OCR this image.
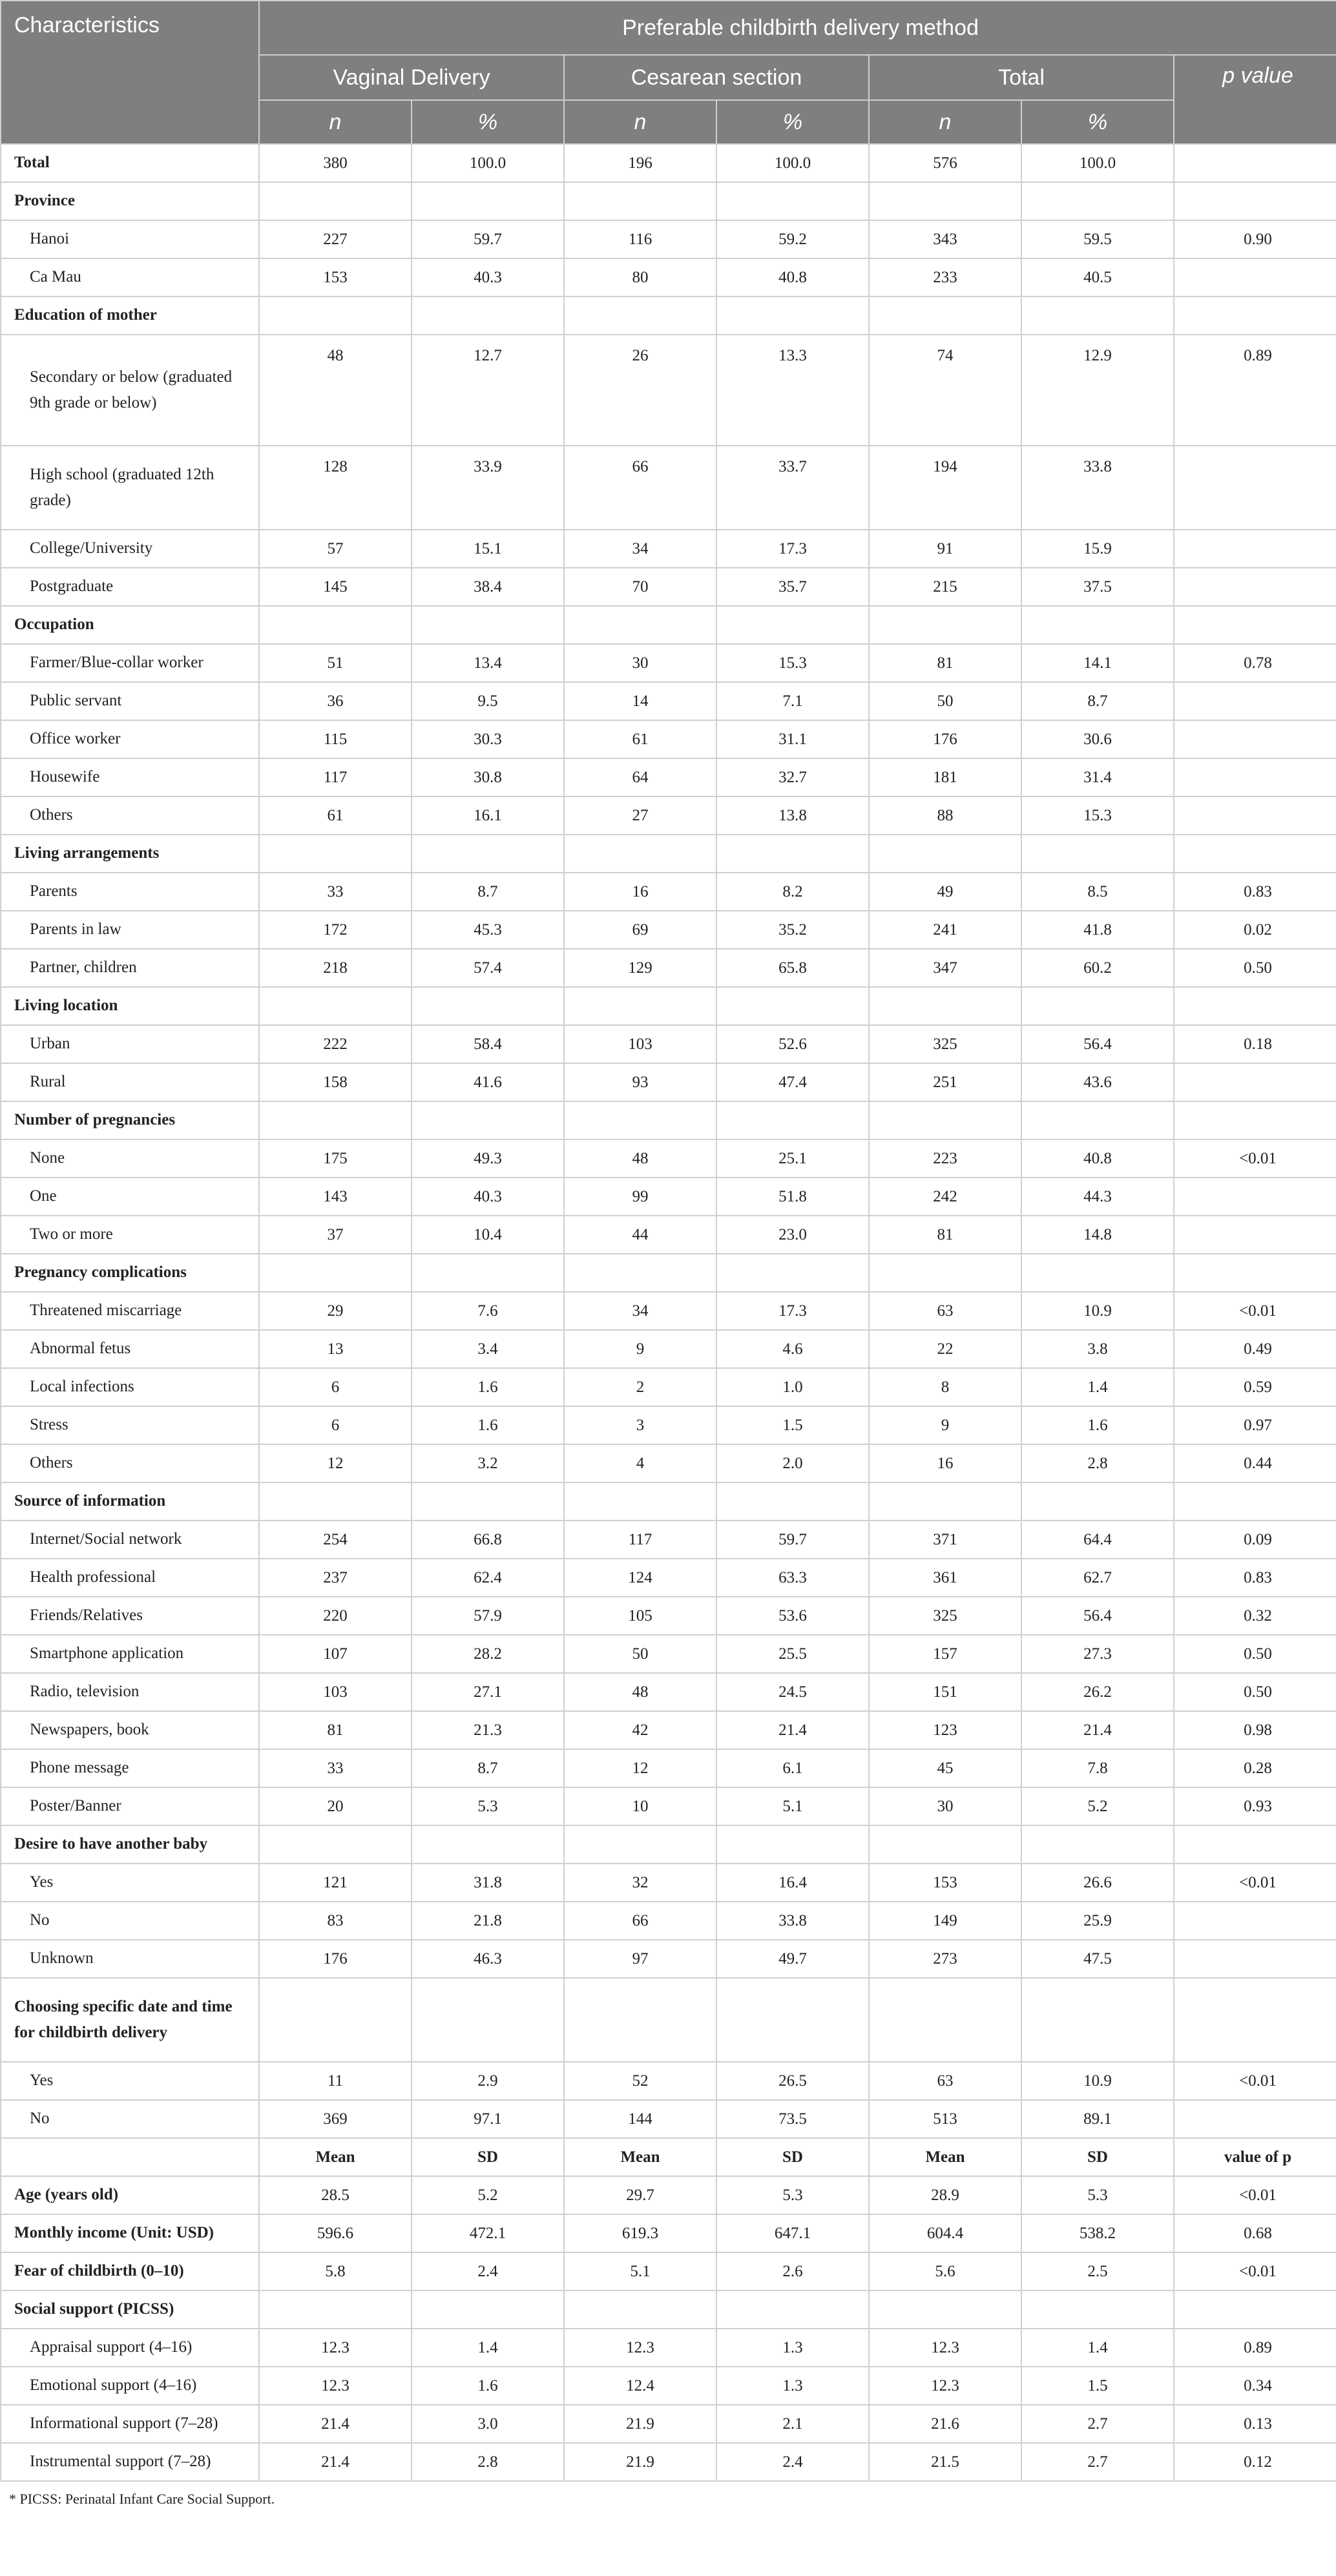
Characteristics	Preferable childbirth delivery method						
	Vaginal Delivery		Cesarean section		Total		p value
	n	%	n	%	n	%	
Total	380	100.0	196	100.0	576	100.0	
Province							
Hanoi	227	59.7	116	59.2	343	59.5	0.90
Ca Mau	153	40.3	80	40.8	233	40.5	
Education of mother							
Secondary or below (graduated 9th grade or below)	48	12.7	26	13.3	74	12.9	0.89
High school (graduated 12th grade)	128	33.9	66	33.7	194	33.8	
College/University	57	15.1	34	17.3	91	15.9	
Postgraduate	145	38.4	70	35.7	215	37.5	
Occupation							
Farmer/Blue-collar worker	51	13.4	30	15.3	81	14.1	0.78
Public servant	36	9.5	14	7.1	50	8.7	
Office worker	115	30.3	61	31.1	176	30.6	
Housewife	117	30.8	64	32.7	181	31.4	
Others	61	16.1	27	13.8	88	15.3	
Living arrangements							
Parents	33	8.7	16	8.2	49	8.5	0.83
Parents in law	172	45.3	69	35.2	241	41.8	0.02
Partner, children	218	57.4	129	65.8	347	60.2	0.50
Living location							
Urban	222	58.4	103	52.6	325	56.4	0.18
Rural	158	41.6	93	47.4	251	43.6	
Number of pregnancies							
None	175	49.3	48	25.1	223	40.8	<0.01
One	143	40.3	99	51.8	242	44.3	
Two or more	37	10.4	44	23.0	81	14.8	
Pregnancy complications							
Threatened miscarriage	29	7.6	34	17.3	63	10.9	<0.01
Abnormal fetus	13	3.4	9	4.6	22	3.8	0.49
Local infections	6	1.6	2	1.0	8	1.4	0.59
Stress	6	1.6	3	1.5	9	1.6	0.97
Others	12	3.2	4	2.0	16	2.8	0.44
Source of information							
Internet/Social network	254	66.8	117	59.7	371	64.4	0.09
Health professional	237	62.4	124	63.3	361	62.7	0.83
Friends/Relatives	220	57.9	105	53.6	325	56.4	0.32
Smartphone application	107	28.2	50	25.5	157	27.3	0.50
Radio, television	103	27.1	48	24.5	151	26.2	0.50
Newspapers, book	81	21.3	42	21.4	123	21.4	0.98
Phone message	33	8.7	12	6.1	45	7.8	0.28
Poster/Banner	20	5.3	10	5.1	30	5.2	0.93
Desire to have another baby							
Yes	121	31.8	32	16.4	153	26.6	<0.01
No	83	21.8	66	33.8	149	25.9	
Unknown	176	46.3	97	49.7	273	47.5	
Choosing specific date and time for childbirth delivery							
Yes	11	2.9	52	26.5	63	10.9	<0.01
No	369	97.1	144	73.5	513	89.1	
	Mean	SD	Mean	SD	Mean	SD	value of p
Age (years old)	28.5	5.2	29.7	5.3	28.9	5.3	<0.01
Monthly income (Unit: USD)	596.6	472.1	619.3	647.1	604.4	538.2	0.68
Fear of childbirth (0–10)	5.8	2.4	5.1	2.6	5.6	2.5	<0.01
Social support (PICSS)							
Appraisal support (4–16)	12.3	1.4	12.3	1.3	12.3	1.4	0.89
Emotional support (4–16)	12.3	1.6	12.4	1.3	12.3	1.5	0.34
Informational support (7–28)	21.4	3.0	21.9	2.1	21.6	2.7	0.13
Instrumental support (7–28)	21.4	2.8	21.9	2.4	21.5	2.7	0.12
* PICSS: Perinatal Infant Care Social Support.
